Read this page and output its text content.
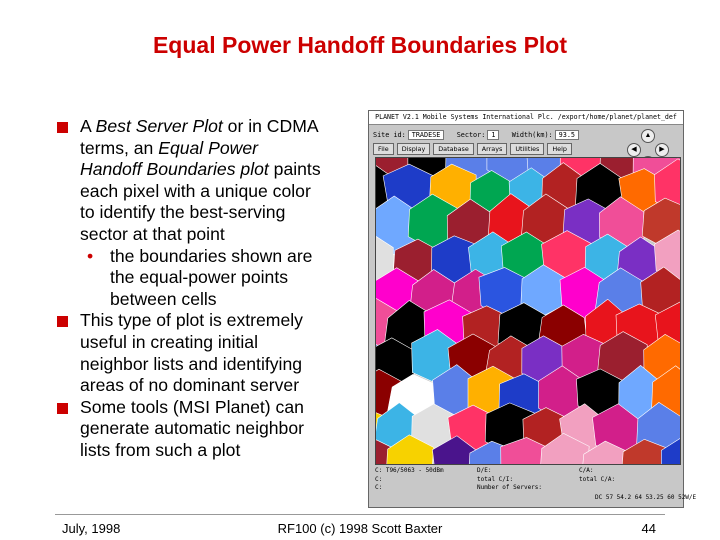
Equal Power Handoff Boundaries Plot
A Best Server Plot or in CDMA
terms, an Equal Power
Handoff Boundaries plot paints
each pixel with a unique color
to identify the best-serving
sector at that point
• the boundaries shown are
the equal-power points
between cells
This type of plot is extremely
useful in creating initial
neighbor lists and identifying
areas of no dominant server
Some tools (MSI Planet) can
generate automatic neighbor
lists from such a plot
PLANET V2.1 Mobile Systems International Plc. /export/home/planet/planet_def
Site id: TRADESE Sector: 1 Width(km): 93.5
File Display Database Arrays Utilities Help
▲
◀	▶
C: T96/5063 - 50dBm
C:
C:
D/E:
total C/I:
Number of Servers:
C/A:
total C/A:
DC 57 54.2 64 53.25 60 52W/E
July, 1998	RF100 (c) 1998 Scott Baxter	44
